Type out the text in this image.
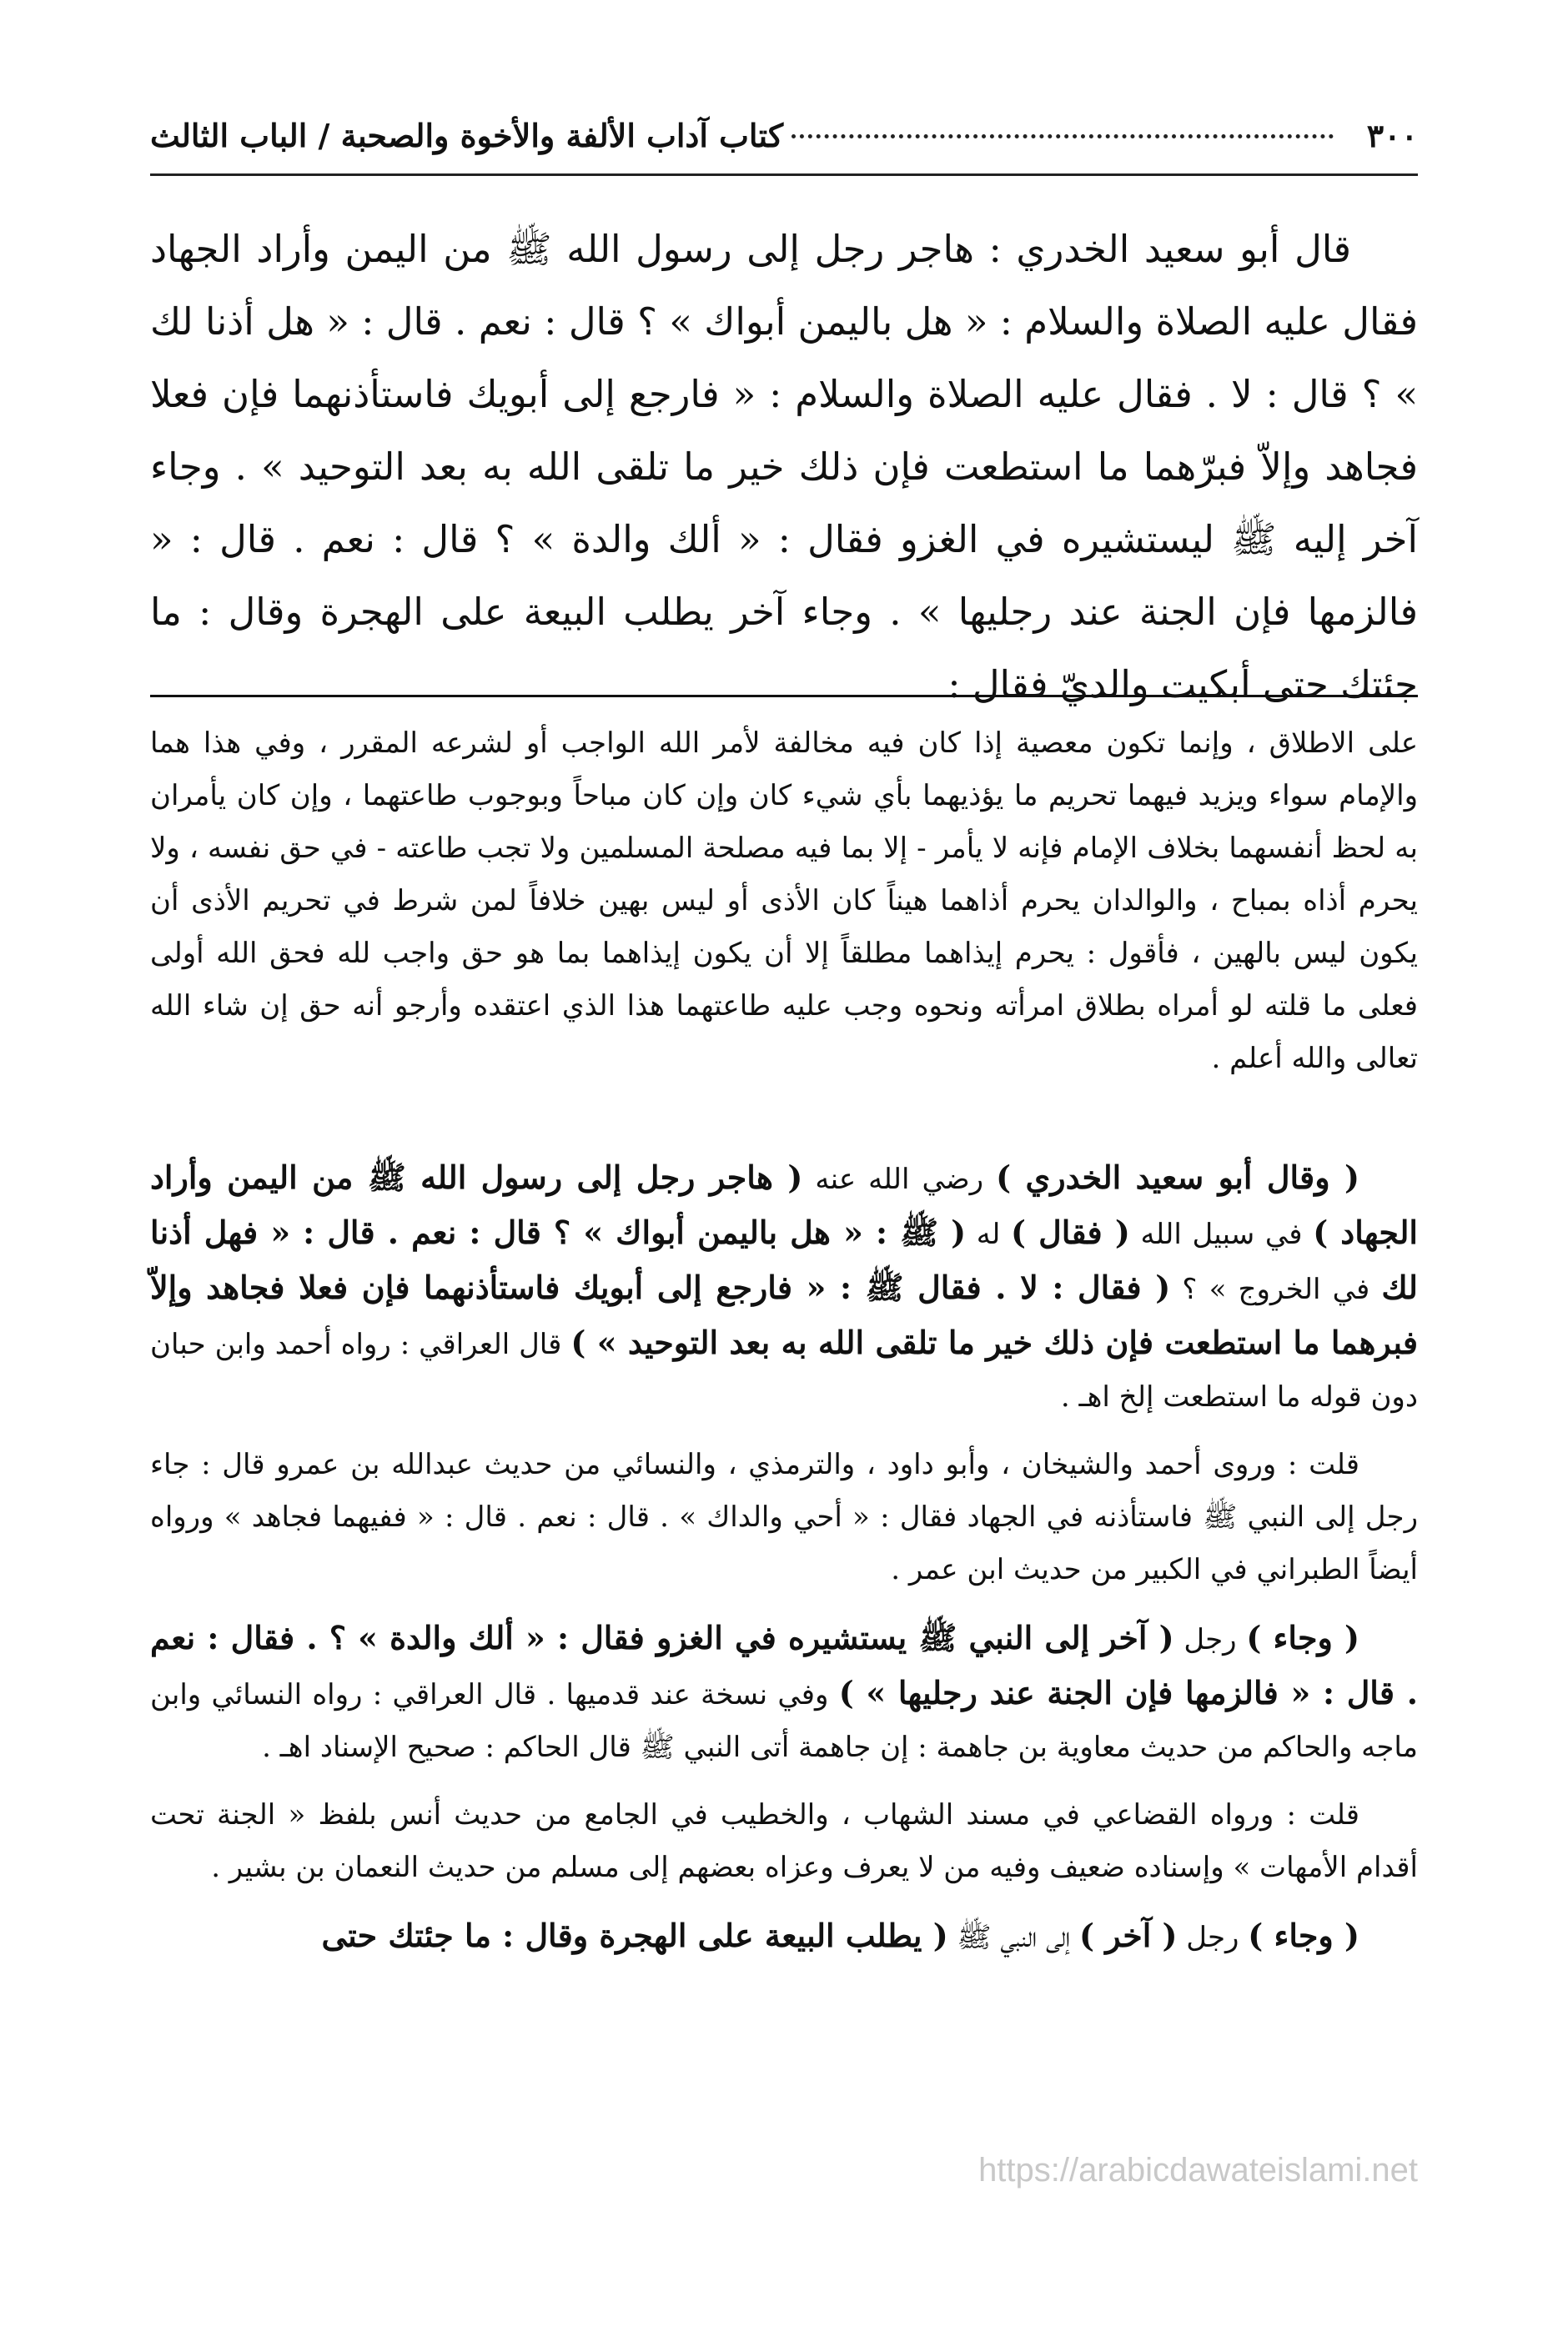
٣٠٠
كتاب آداب الألفة والأخوة والصحبة / الباب الثالث

قال أبو سعيد الخدري : هاجر رجل إلى رسول الله ﷺ من اليمن وأراد الجهاد فقال عليه الصلاة والسلام : « هل باليمن أبواك » ؟ قال : نعم . قال : « هل أذنا لك » ؟ قال : لا . فقال عليه الصلاة والسلام : « فارجع إلى أبويك فاستأذنهما فإن فعلا فجاهد وإلاّ فبرّهما ما استطعت فإن ذلك خير ما تلقى الله به بعد التوحيد » . وجاء آخر إليه ﷺ ليستشيره في الغزو فقال : « ألك والدة » ؟ قال : نعم . قال : « فالزمها فإن الجنة عند رجليها » . وجاء آخر يطلب البيعة على الهجرة وقال : ما جئتك حتى أبكيت والديّ فقال :

على الاطلاق ، وإنما تكون معصية إذا كان فيه مخالفة لأمر الله الواجب أو لشرعه المقرر ، وفي هذا هما والإمام سواء ويزيد فيهما تحريم ما يؤذيهما بأي شيء كان وإن كان مباحاً وبوجوب طاعتهما ، وإن كان يأمران به لحظ أنفسهما بخلاف الإمام فإنه لا يأمر - إلا بما فيه مصلحة المسلمين ولا تجب طاعته - في حق نفسه ، ولا يحرم أذاه بمباح ، والوالدان يحرم أذاهما هيناً كان الأذى أو ليس بهين خلافاً لمن شرط في تحريم الأذى أن يكون ليس بالهين ، فأقول : يحرم إيذاهما مطلقاً إلا أن يكون إيذاهما بما هو حق واجب لله فحق الله أولى فعلى ما قلته لو أمراه بطلاق امرأته ونحوه وجب عليه طاعتهما هذا الذي اعتقده وأرجو أنه حق إن شاء الله تعالى والله أعلم .

( وقال أبو سعيد الخدري ) رضي الله عنه ( هاجر رجل إلى رسول الله ﷺ من اليمن وأراد الجهاد ) في سبيل الله ( فقال ) له ( ﷺ : « هل باليمن أبواك » ؟ قال : نعم . قال : « فهل أذنا لك في الخروج » ؟ ( فقال : لا . فقال ﷺ : « فارجع إلى أبويك فاستأذنهما فإن فعلا فجاهد وإلاّ فبرهما ما استطعت فإن ذلك خير ما تلقى الله به بعد التوحيد » ) قال العراقي : رواه أحمد وابن حبان دون قوله ما استطعت إلخ اهـ .

قلت : وروى أحمد والشيخان ، وأبو داود ، والترمذي ، والنسائي من حديث عبدالله بن عمرو قال : جاء رجل إلى النبي ﷺ فاستأذنه في الجهاد فقال : « أحي والداك » . قال : نعم . قال : « ففيهما فجاهد » ورواه أيضاً الطبراني في الكبير من حديث ابن عمر .

( وجاء ) رجل ( آخر إلى النبي ﷺ يستشيره في الغزو فقال : « ألك والدة » ؟ . فقال : نعم . قال : « فالزمها فإن الجنة عند رجليها » ) وفي نسخة عند قدميها . قال العراقي : رواه النسائي وابن ماجه والحاكم من حديث معاوية بن جاهمة : إن جاهمة أتى النبي ﷺ قال الحاكم : صحيح الإسناد اهـ .

قلت : ورواه القضاعي في مسند الشهاب ، والخطيب في الجامع من حديث أنس بلفظ « الجنة تحت أقدام الأمهات » وإسناده ضعيف وفيه من لا يعرف وعزاه بعضهم إلى مسلم من حديث النعمان بن بشير .

( وجاء ) رجل ( آخر ) إلى النبي ﷺ ( يطلب البيعة على الهجرة وقال : ما جئتك حتى

https://arabicdawateislami.net
